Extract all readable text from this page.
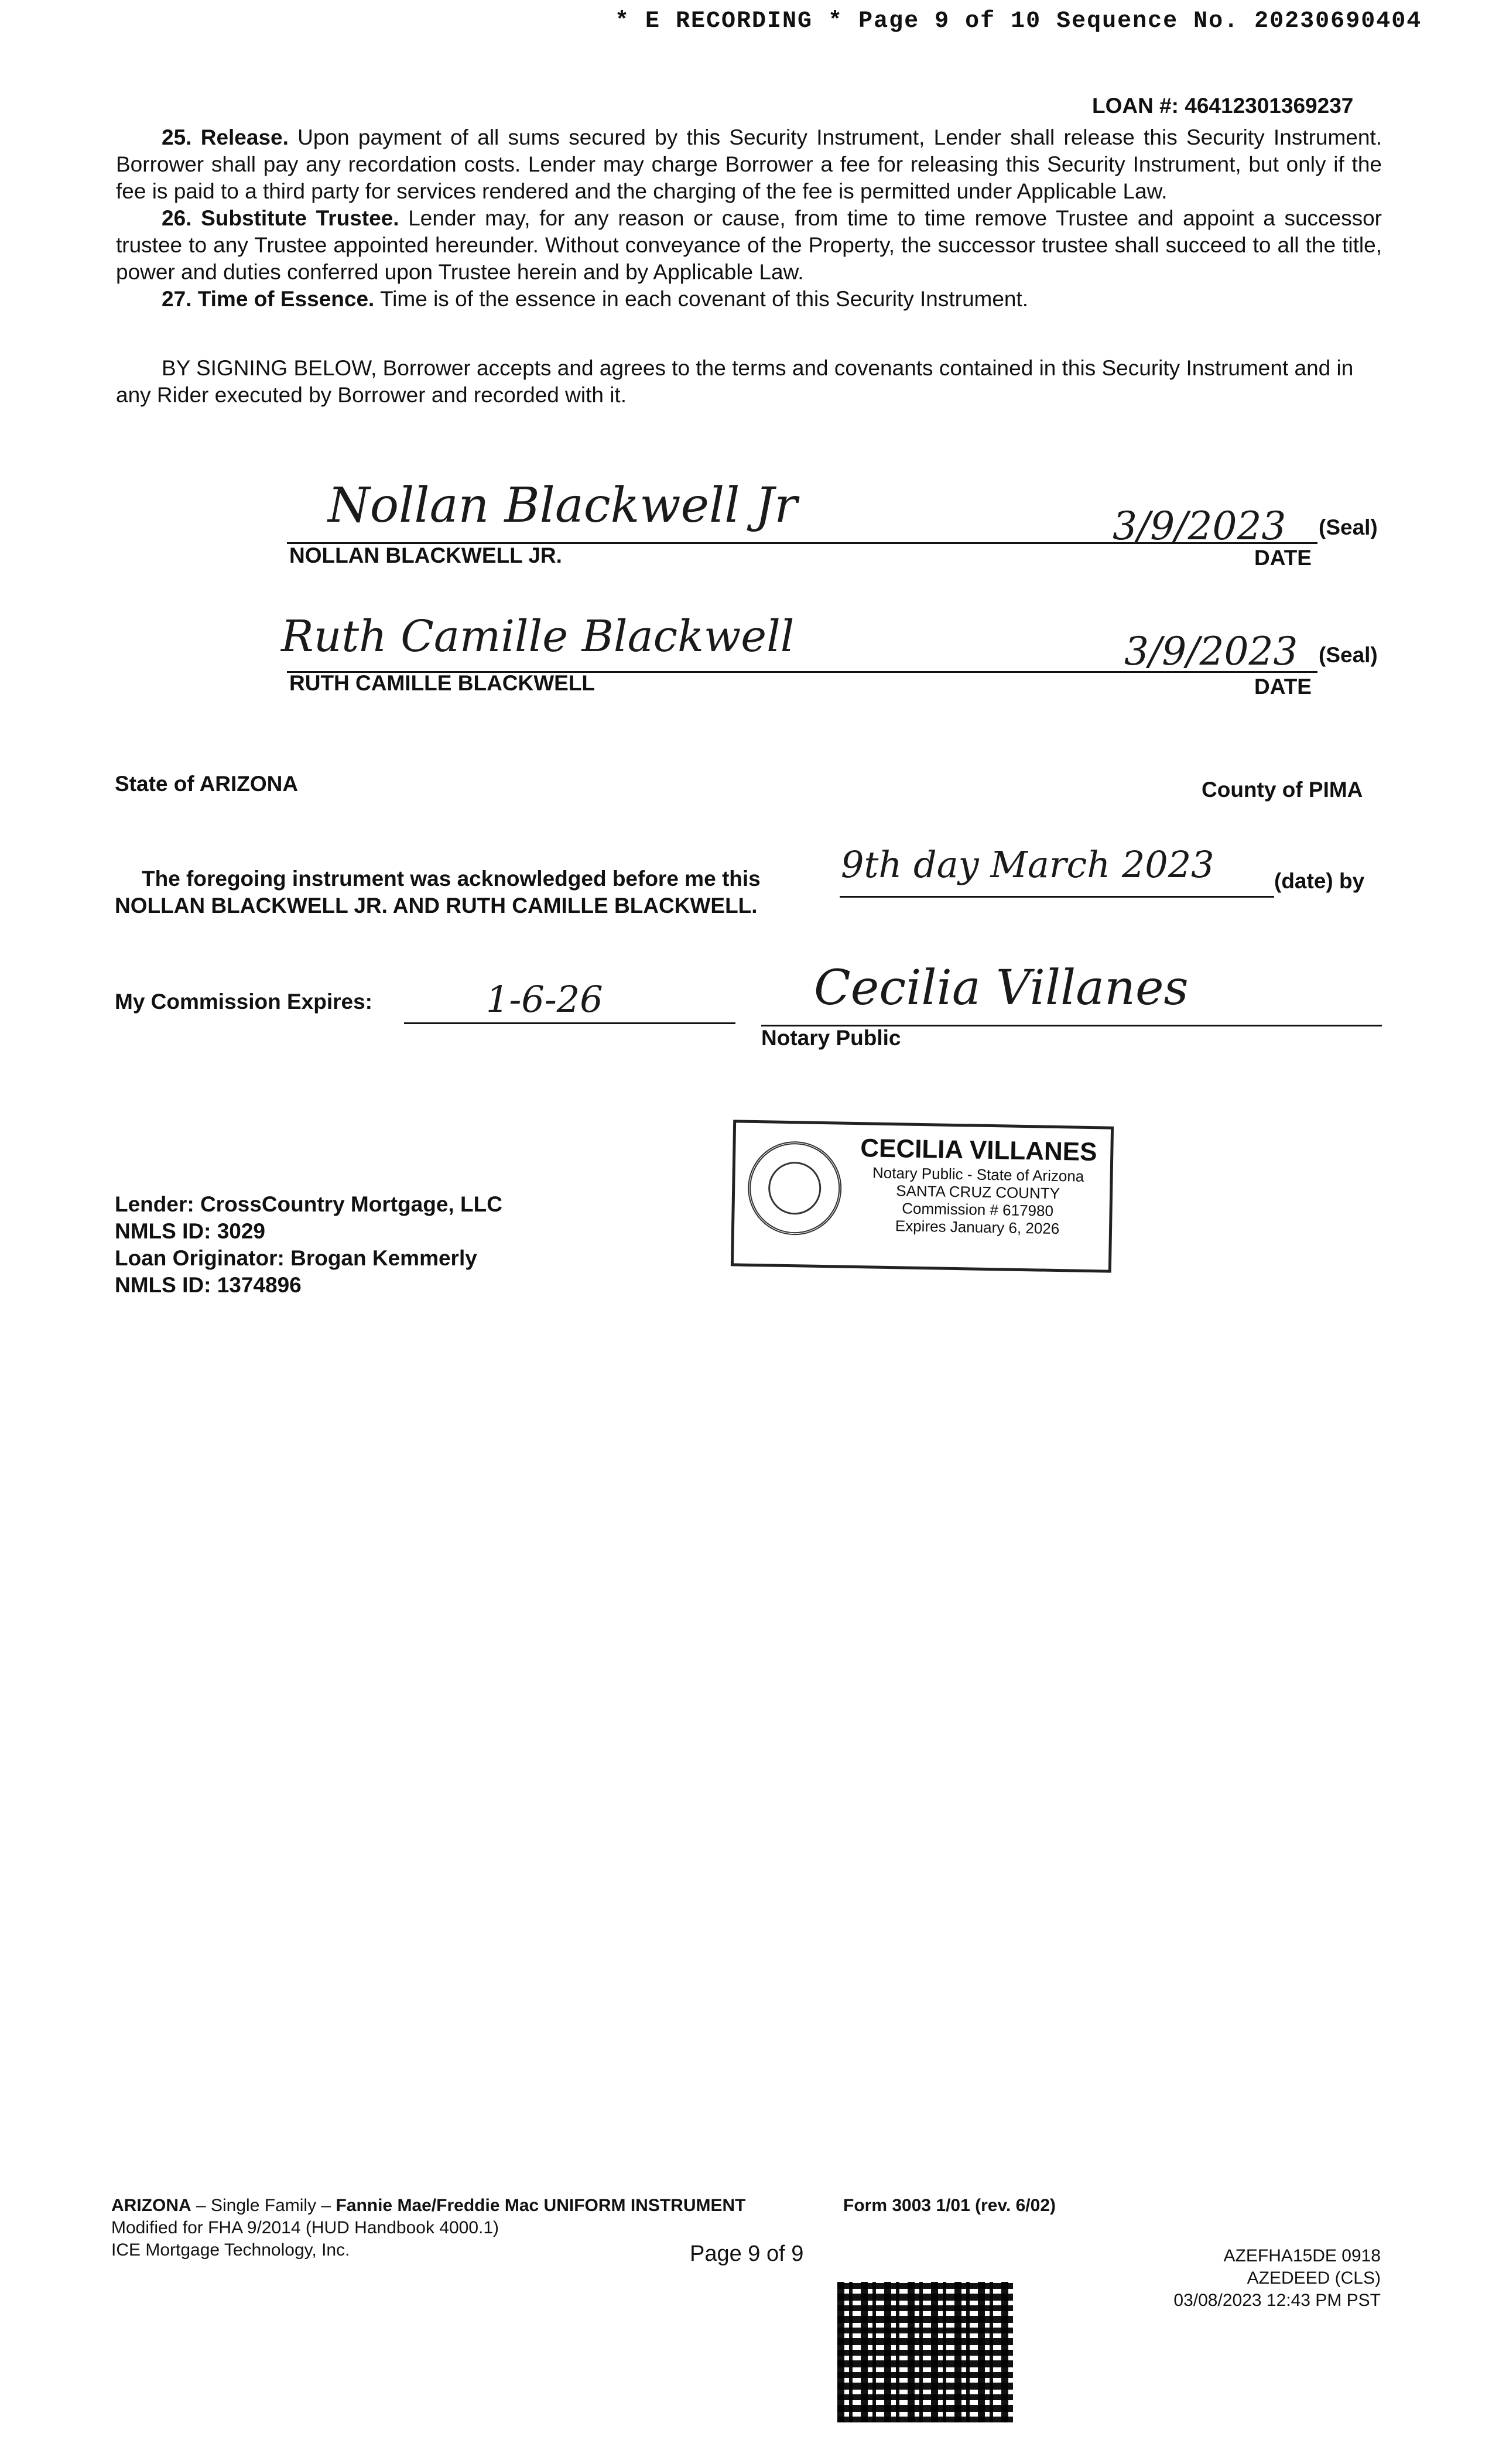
* E RECORDING * Page 9 of 10 Sequence No. 20230690404
LOAN #: 46412301369237

25. Release. Upon payment of all sums secured by this Security Instrument, Lender shall release this Security Instrument. Borrower shall pay any recordation costs. Lender may charge Borrower a fee for releasing this Security Instrument, but only if the fee is paid to a third party for services rendered and the charging of the fee is permitted under Applicable Law.

26. Substitute Trustee. Lender may, for any reason or cause, from time to time remove Trustee and appoint a successor trustee to any Trustee appointed hereunder. Without conveyance of the Property, the successor trustee shall succeed to all the title, power and duties conferred upon Trustee herein and by Applicable Law.

27. Time of Essence. Time is of the essence in each covenant of this Security Instrument.

BY SIGNING BELOW, Borrower accepts and agrees to the terms and covenants contained in this Security Instrument and in any Rider executed by Borrower and recorded with it.

Nollan Blackwell Jr
NOLLAN BLACKWELL JR.
3/9/2023 (Seal)
DATE
Ruth Camille Blackwell
RUTH CAMILLE BLACKWELL
3/9/2023 (Seal)
DATE
State of ARIZONA	County of PIMA
The foregoing instrument was acknowledged before me this 9th day March 2023	(date) by
NOLLAN BLACKWELL JR. AND RUTH CAMILLE BLACKWELL.
My Commission Expires:	1-6-26	Cecilia Villanes
Notary Public
CECILIA VILLANES
Notary Public - State of Arizona
SANTA CRUZ COUNTY
Commission # 617980
Expires January 6, 2026
Lender: CrossCountry Mortgage, LLC
NMLS ID: 3029
Loan Originator: Brogan Kemmerly
NMLS ID: 1374896
ARIZONA – Single Family – Fannie Mae/Freddie Mac UNIFORM INSTRUMENT	Form 3003 1/01 (rev. 6/02)
Modified for FHA 9/2014 (HUD Handbook 4000.1)
ICE Mortgage Technology, Inc.	Page 9 of 9	AZEFHA15DE 0918
AZEDEED (CLS)
03/08/2023 12:43 PM PST
